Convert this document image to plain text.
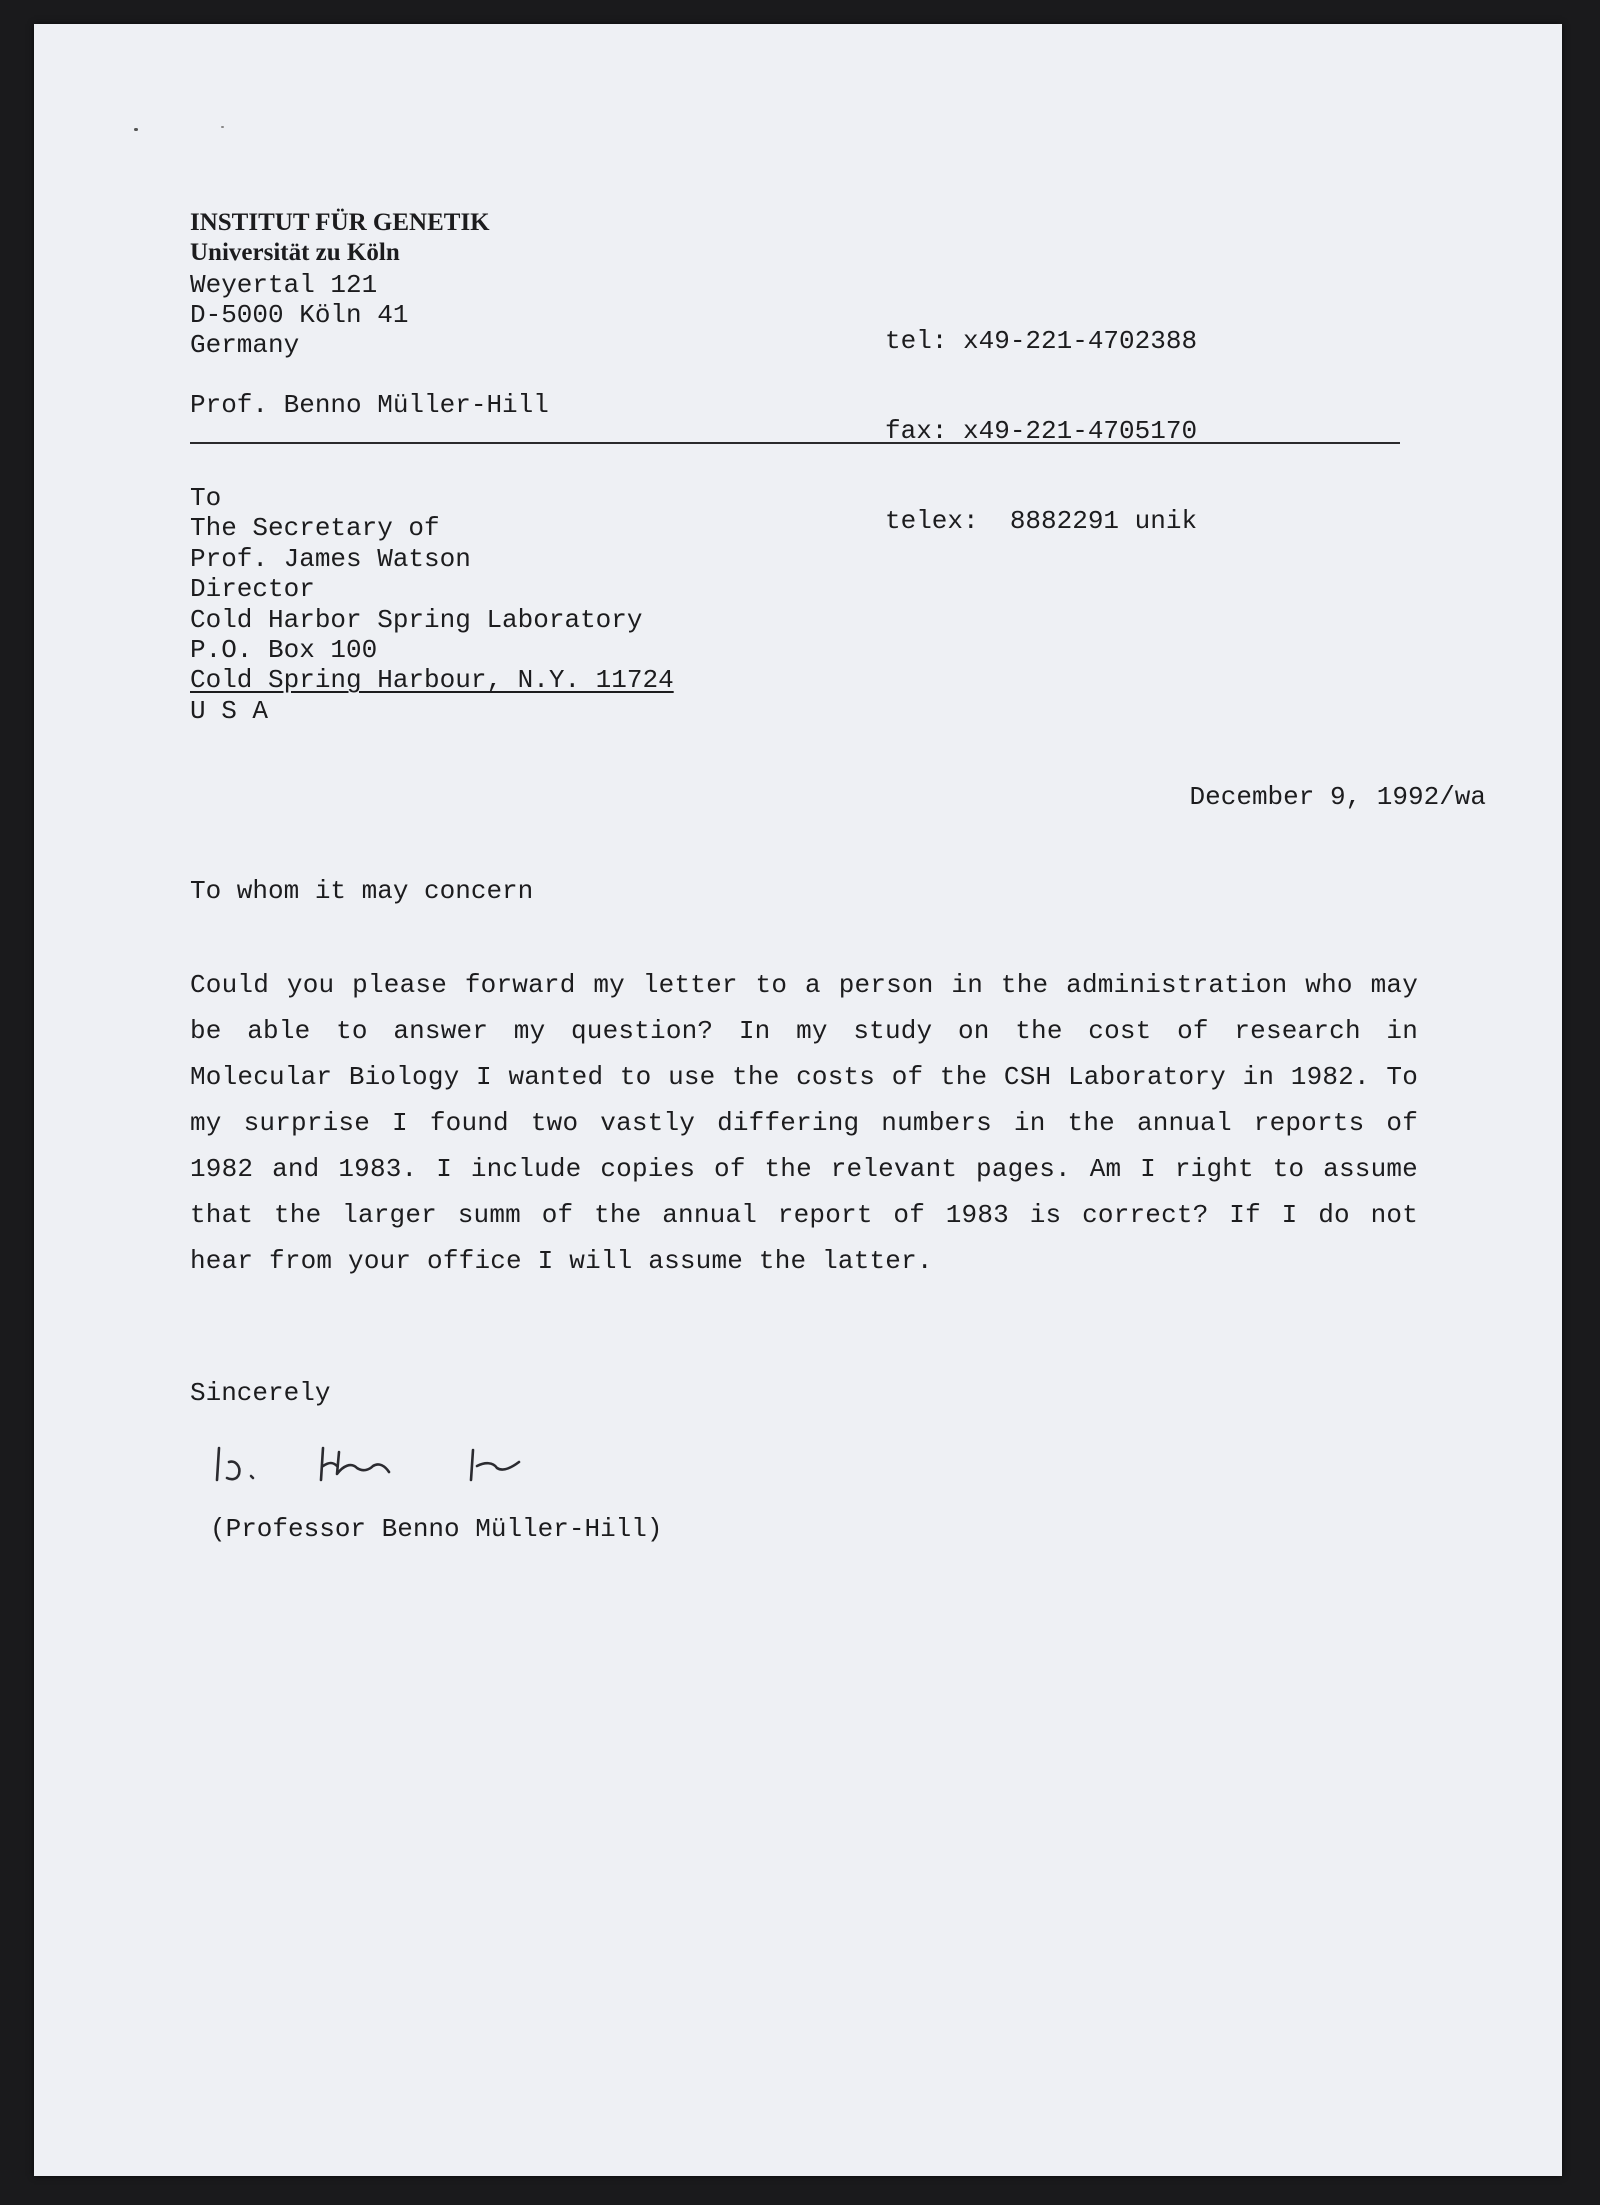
INSTITUT FÜR GENETIK
Universität zu Köln
Weyertal 121
D-5000 Köln 41
Germany

	tel: x49-221-4702388

fax: x49-221-4705170

telex:  8882291 unik

Prof. Benno Müller-Hill
To
The Secretary of
Prof. James Watson
Director
Cold Harbor Spring Laboratory
P.O. Box 100
Cold Spring Harbour, N.Y. 11724
U S A
December 9, 1992/wa
To whom it may concern
Could you please forward my letter to a person in the administration who may be able to answer my question? In my study on the cost of research in Molecular Biology I wanted to use the costs of the CSH Laboratory in 1982. To my surprise I found two vastly differing numbers in the annual reports of 1982 and 1983. I include copies of the relevant pages. Am I right to assume that the larger summ of the annual report of 1983 is correct? If I do not hear from your office I will assume the latter.
Sincerely
(Professor Benno Müller-Hill)
